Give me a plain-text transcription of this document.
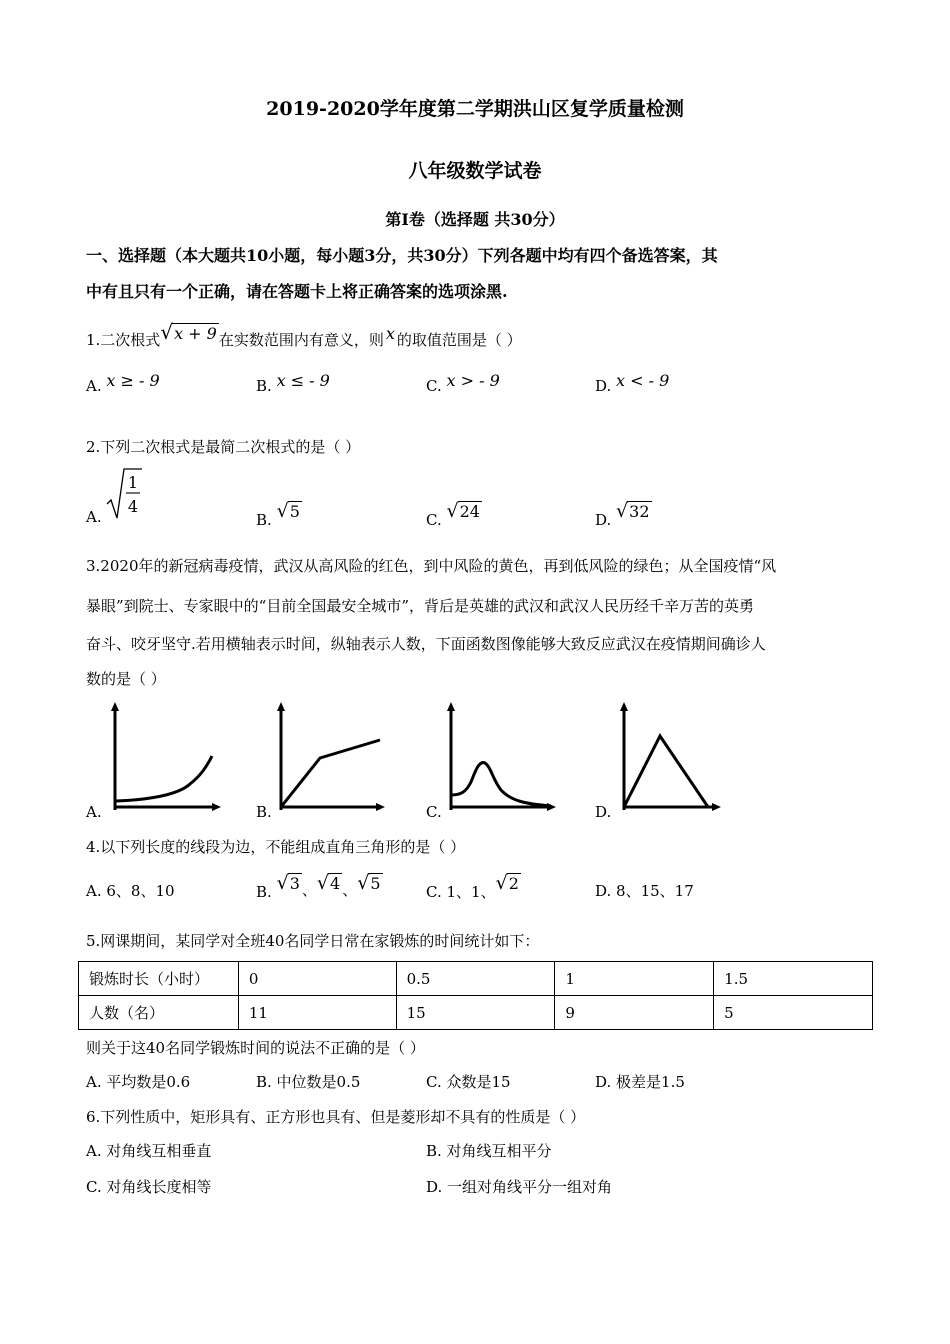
2019-2020学年度第二学期洪山区复学质量检测
八年级数学试卷
第Ⅰ卷（选择题 共30分）
一、选择题（本大题共10小题，每小题3分，共30分）下列各题中均有四个备选答案，其
中有且只有一个正确，请在答题卡上将正确答案的选项涂黑.
1.二次根式√x + 9 在实数范围内有意义，则 x 的取值范围是（ ）
A. x ≥ - 9	B. x ≤ - 9	C. x > - 9	D. x < - 9
2.下列二次根式是最简二次根式的是（ ）
A.
1
4
B. √5	C. √24	D. √32
3.2020年的新冠病毒疫情，武汉从高风险的红色，到中风险的黄色，再到低风险的绿色；从全国疫情“风
暴眼”到院士、专家眼中的“目前全国最安全城市”，背后是英雄的武汉和武汉人民历经千辛万苦的英勇
奋斗、咬牙坚守.若用横轴表示时间，纵轴表示人数，下面函数图像能够大致反应武汉在疫情期间确诊人
数的是（ ）
A.	B.	C.	D.
4.以下列长度的线段为边，不能组成直角三角形的是（ ）
A. 6、8、10	B. √3 、√4 、√5	C. 1、1、√2	D. 8、15、17
5.网课期间，某同学对全班40名同学日常在家锻炼的时间统计如下：
锻炼时长（小时）	0	0.5	1	1.5
人数（名）	11	15	9	5
则关于这40名同学锻炼时间的说法不正确的是（ ）
A. 平均数是0.6	B. 中位数是0.5	C. 众数是15	D. 极差是1.5
6.下列性质中，矩形具有、正方形也具有、但是菱形却不具有的性质是（ ）
A. 对角线互相垂直	B. 对角线互相平分
C. 对角线长度相等	D. 一组对角线平分一组对角
